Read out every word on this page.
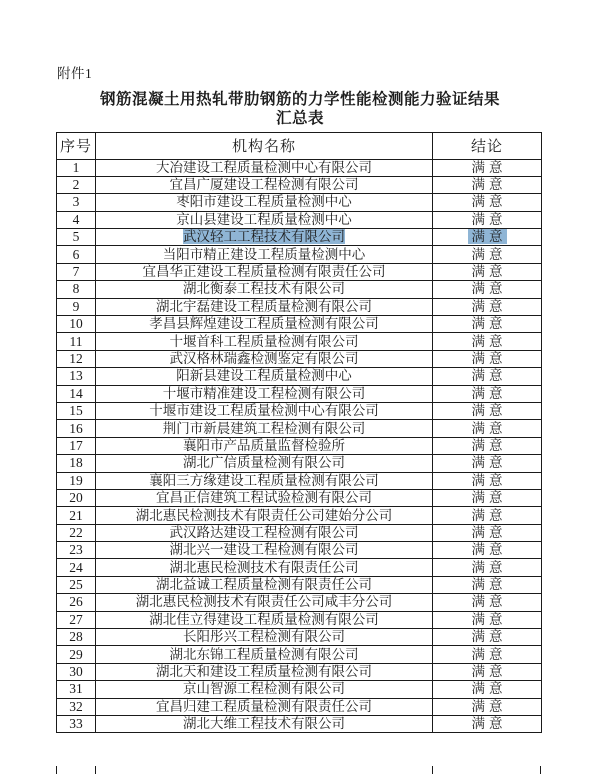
附件1
钢筋混凝土用热轧带肋钢筋的力学性能检测能力验证结果
汇总表
序号	机构名称	结论
1	大冶建设工程质量检测中心有限公司	满意
2	宜昌广厦建设工程检测有限公司	满意
3	枣阳市建设工程质量检测中心	满意
4	京山县建设工程质量检测中心	满意
5	武汉轻工工程技术有限公司	满意
6	当阳市精正建设工程质量检测中心	满意
7	宜昌华正建设工程质量检测有限责任公司	满意
8	湖北衡泰工程技术有限公司	满意
9	湖北宇磊建设工程质量检测有限公司	满意
10	孝昌县辉煌建设工程质量检测有限公司	满意
11	十堰首科工程质量检测有限公司	满意
12	武汉格林瑞鑫检测鉴定有限公司	满意
13	阳新县建设工程质量检测中心	满意
14	十堰市精准建设工程检测有限公司	满意
15	十堰市建设工程质量检测中心有限公司	满意
16	荆门市新晨建筑工程检测有限公司	满意
17	襄阳市产品质量监督检验所	满意
18	湖北广信质量检测有限公司	满意
19	襄阳三方缘建设工程质量检测有限公司	满意
20	宜昌正信建筑工程试验检测有限公司	满意
21	湖北惠民检测技术有限责任公司建始分公司	满意
22	武汉路达建设工程检测有限公司	满意
23	湖北兴一建设工程检测有限公司	满意
24	湖北惠民检测技术有限责任公司	满意
25	湖北益诚工程质量检测有限责任公司	满意
26	湖北惠民检测技术有限责任公司咸丰分公司	满意
27	湖北佳立得建设工程质量检测有限公司	满意
28	长阳彤兴工程检测有限公司	满意
29	湖北东锦工程质量检测有限公司	满意
30	湖北天和建设工程质量检测有限公司	满意
31	京山智源工程检测有限公司	满意
32	宜昌归建工程质量检测有限责任公司	满意
33	湖北大维工程技术有限公司	满意
